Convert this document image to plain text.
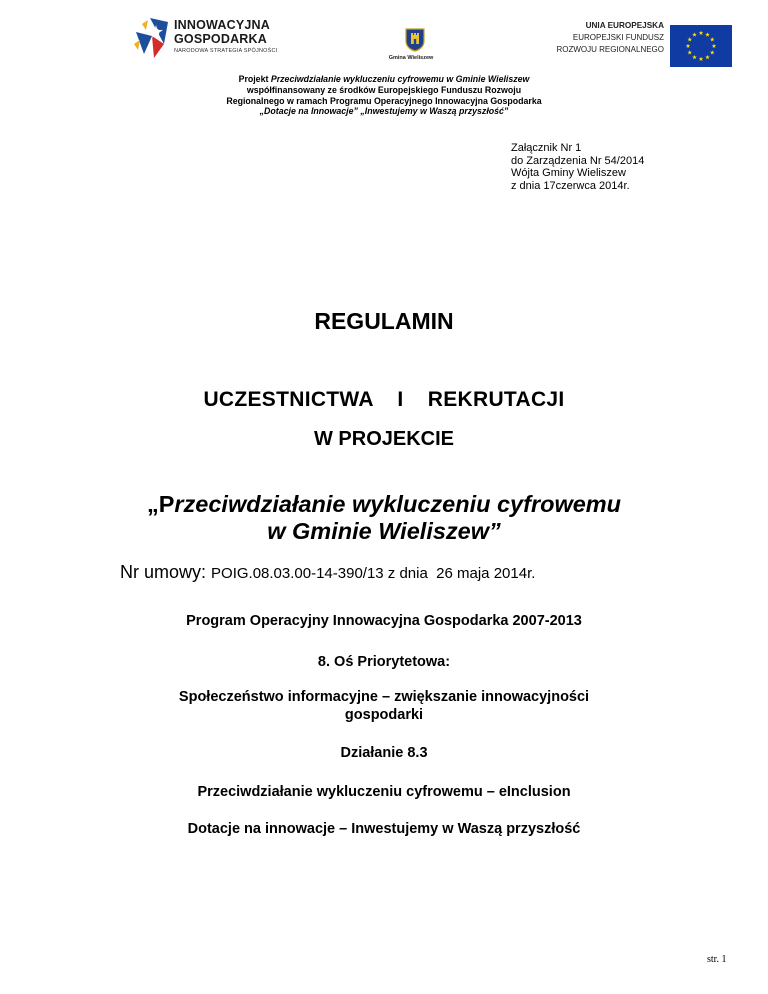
INNOWACYJNA
GOSPODARKA
NARODOWA STRATEGIA SPÓJNOŚCI
Gmina Wieliszew
UNIA EUROPEJSKA
EUROPEJSKI FUNDUSZ
ROZWOJU REGIONALNEGO
Projekt Przeciwdziałanie wykluczeniu cyfrowemu w Gminie Wieliszew
współfinansowany ze środków Europejskiego Funduszu Rozwoju
Regionalnego w ramach Programu Operacyjnego Innowacyjna Gospodarka
„Dotacje na Innowacje” „Inwestujemy w Waszą przyszłość”
Załącznik Nr 1
do Zarządzenia Nr 54/2014
Wójta Gminy Wieliszew
z dnia 17czerwca 2014r.
REGULAMIN
UCZESTNICTWA  I  REKRUTACJI
W PROJEKCIE
„Przeciwdziałanie wykluczeniu cyfrowemu
w Gminie Wieliszew”
Nr umowy: POIG.08.03.00-14-390/13 z dnia  26 maja 2014r.
Program Operacyjny Innowacyjna Gospodarka 2007-2013
8. Oś Priorytetowa:
Społeczeństwo informacyjne – zwiększanie innowacyjności
gospodarki
Działanie 8.3
Przeciwdziałanie wykluczeniu cyfrowemu – eInclusion
Dotacje na innowacje – Inwestujemy w Waszą przyszłość
str. 1
